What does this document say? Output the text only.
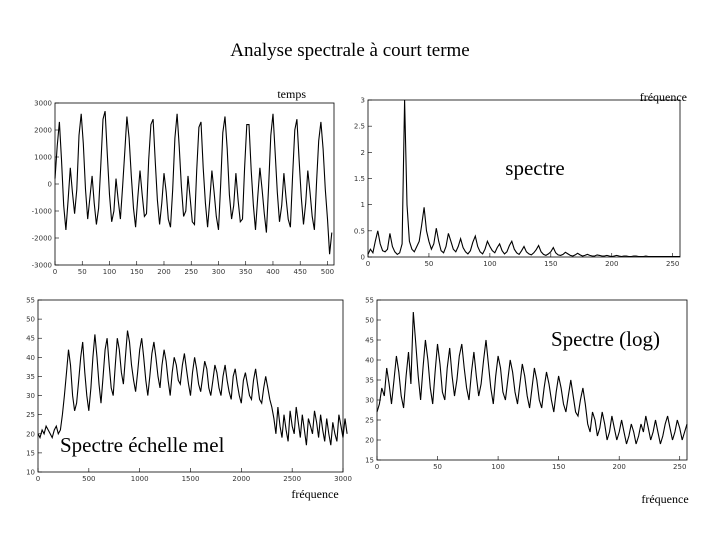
Analyse spectrale à court terme
-3000
-2000
-1000
0
1000
2000
3000
0	50 100 150 200 250 300 350 400 450 500
temps
0
0.5
1
1.5
2
2.5
3
0	50	100	150	200	250
fréquence
spectre
10
15
20
25
30
35
40
45
50
55
0	500	1000	1500	2000	2500	3000
Spectre échelle mel
fréquence
15
20
25
30
35
40
45
50
55
0	50	100	150	200	250
Spectre (log)
fréquence
